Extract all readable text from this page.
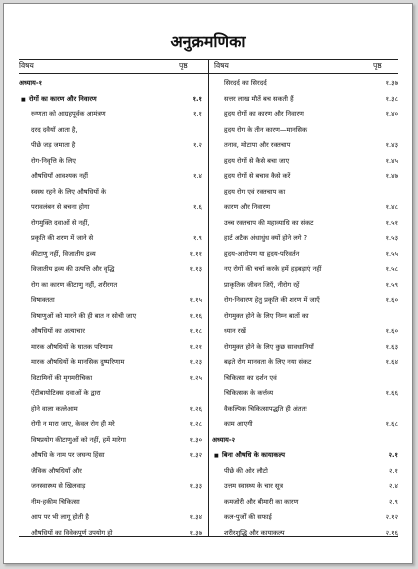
अनुक्रमणिका
विषय	पृष्ठ	विषय	पृष्ठ
अध्याय-१
■ रोगों का कारण और निवारण	१.१
रुग्णता को आग्रहपूर्वक आमंत्रण	१.१
दरद दवैयाँ आता है,
पीछे जड़ जमाता है	१.२
रोग-निवृत्ति के लिए
औषधियाँ आवश्यक नहीं	१.४
स्वस्थ रहने के लिए औषधियों के
परावलंबन से बचना होगा	१.६
रोगमुक्ति दवाओं से नहीं,
प्रकृति की शरण में जाने से	१.९
कीटाणु नहीं, विजातीय द्रव्य	१.११
विजातीय द्रव्य की उत्पत्ति और वृद्धि	१.१३
रोग का कारण कीटाणु नहीं, शरीरगत
विषाक्तता	१.१५
विषाणुओं को मारने की ही बात न सोची जाए	१.१६
औषधियों का अत्याचार	१.१८
मारक औषधियों के घातक परिणाम	१.२१
मारक औषधियों के मानसिक दुष्परिणाम	१.२३
विटामिनों की मृगमरीचिका	१.२५
ऐंटीबायोटिक्स दवाओं के द्वारा
होने वाला कत्लेआम	१.२६
रोगी न मारा जाए, केवल रोग ही मरे	१.२८
विषप्रयोग कीटाणुओं को नहीं, हमें मारेगा	१.३०
औषधि के नाम पर जघन्य हिंसा	१.३२
जैविक औषधियाँ और
जनस्वास्थ्य से खिलवाड़	१.३३
नीम-हकीम चिकित्सा
आप पर भी लागू होती है	१.३४
औषधियों का विवेकपूर्ण उपयोग हो	१.३७
सिरदर्द का सिरदर्द	१.३७
सत्तर लाख मौतें बच सकती हैं	१.३८
हृदय रोगों का कारण और निवारण	१.४०
हृदय रोग के तीन कारण—मानसिक
तनाव, मोटापा और रक्तचाप	१.४३
हृदय रोगों से कैसे बचा जाए	१.४५
हृदय रोगों से बचाव कैसे करें	१.४७
हृदय रोग एवं रक्तचाप का
कारण और निवारण	१.४८
उच्च रक्तचाप की महाव्याधि का संकट	१.५१
हार्ट अटैक अंधाधुंध क्यों होने लगे ?	१.५३
हृदय-आरोपण या हृदय-परिवर्तन	१.५५
नए रोगों की चर्चा करके हमें हड़बड़ाएं नहीं	१.५८
प्राकृतिक जीवन जिएँ, नीरोग रहें	१.५९
रोग-निवारण हेतु प्रकृति की शरण में जाएँ	१.६०
रोगमुक्त होने के लिए निम्न बातों का
ध्यान रखें	१.६०
रोगमुक्त होने के लिए कुछ सावधानियाँ	१.६३
बढ़ते रोग मानवता के लिए नया संकट	१.६४
चिकित्सा का दर्शन एवं
चिकित्सक के कर्त्तव्य	१.६६
वैकल्पिक चिकित्सापद्धति ही अंततः
काम आएगी	१.६८
अध्याय-२
■ बिना औषधि के कायाकल्प	२.१
पीछे की ओर लौटो	२.१
उत्तम स्वास्थ्य के चार सूत्र	२.४
कमजोरी और बीमारी का कारण	२.९
कल-पुर्जों की सफाई	२.१२
शरीरशुद्धि और कायाकल्प	२.१६
